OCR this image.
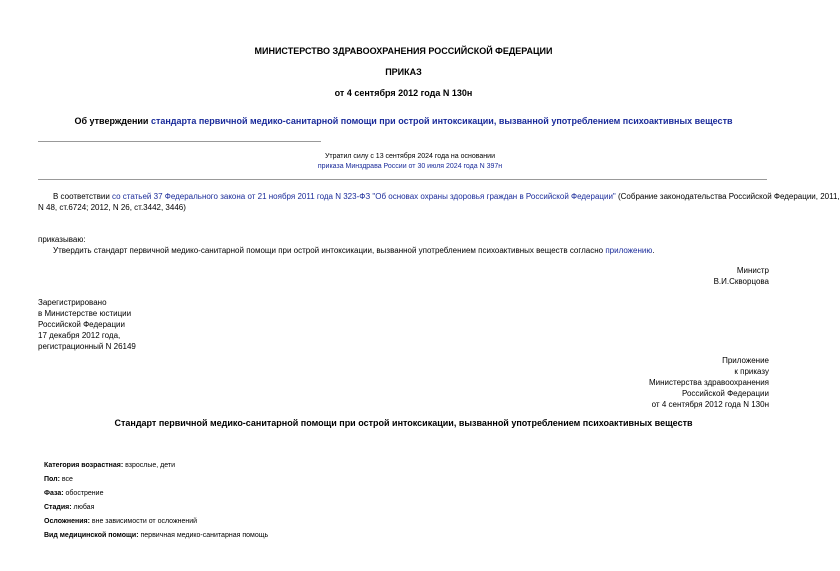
МИНИСТЕРСТВО ЗДРАВООХРАНЕНИЯ РОССИЙСКОЙ ФЕДЕРАЦИИ
ПРИКАЗ
от 4 сентября 2012 года N 130н
Об утверждении стандарта первичной медико-санитарной помощи при острой интоксикации, вызванной употреблением психоактивных веществ
Утратил силу с 13 сентября 2024 года на основании
приказа Минздрава России от 30 июля 2024 года N 397н
В соответствии со статьей 37 Федерального закона от 21 ноября 2011 года N 323-ФЗ "Об основах охраны здоровья граждан в Российской Федерации" (Собрание законодательства Российской Федерации, 2011,
N 48, ст.6724; 2012, N 26, ст.3442, 3446)
приказываю:
Утвердить стандарт первичной медико-санитарной помощи при острой интоксикации, вызванной употреблением психоактивных веществ согласно приложению.
Министр
В.И.Скворцова
Зарегистрировано
в Министерстве юстиции
Российской Федерации
17 декабря 2012 года,
регистрационный N 26149
Приложение
к приказу
Министерства здравоохранения
Российской Федерации
от 4 сентября 2012 года N 130н
Стандарт первичной медико-санитарной помощи при острой интоксикации, вызванной употреблением психоактивных веществ
Категория возрастная: взрослые, дети
Пол: все
Фаза: обострение
Стадия: любая
Осложнения: вне зависимости от осложнений
Вид медицинской помощи: первичная медико-санитарная помощь
